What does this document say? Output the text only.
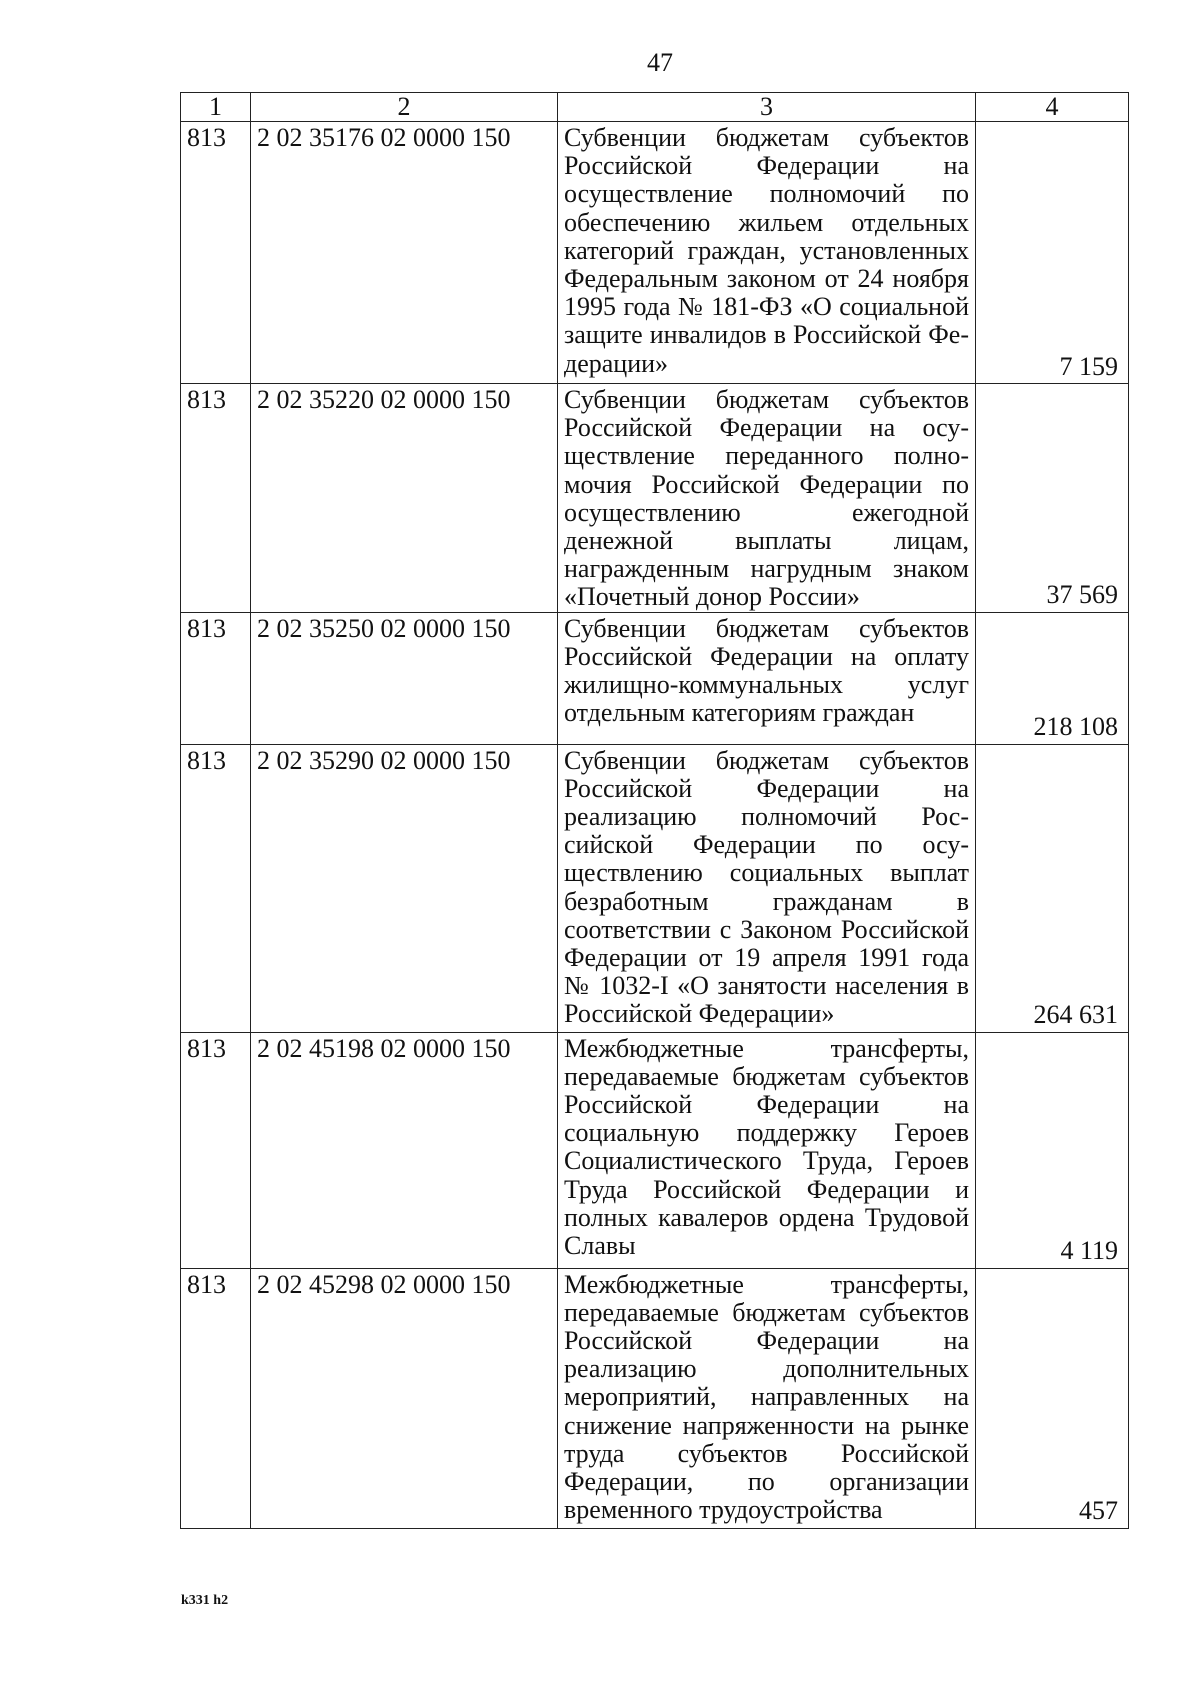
47
1	2	3	4
813	2 02 35176 02 0000 150	Субвенции бюджетам субъектов Российской Федерации на осуществление полномочий по обеспечению жильем отдельных категорий граждан, установленных Федеральным законом от 24 ноября 1995 года № 181-ФЗ «О социальной защите инвалидов в Российской Федерации»	7 159
813	2 02 35220 02 0000 150	Субвенции бюджетам субъектов Российской Федерации на осуществление переданного полномочия Российской Федерации по осуществлению ежегодной денежной выплаты лицам, награжденным нагрудным знаком «Почетный донор России»	37 569
813	2 02 35250 02 0000 150	Субвенции бюджетам субъектов Российской Федерации на оплату жилищно-коммунальных услуг отдельным категориям граждан	218 108
813	2 02 35290 02 0000 150	Субвенции бюджетам субъектов Российской Федерации на реализацию полномочий Российской Федерации по осуществлению социальных выплат безработным гражданам в соответствии с Законом Российской Федерации от 19 апреля 1991 года № 1032-I «О занятости населения в Российской Федерации»	264 631
813	2 02 45198 02 0000 150	Межбюджетные трансферты, передаваемые бюджетам субъектов Российской Федерации на социальную поддержку Героев Социалистического Труда, Героев Труда Российской Федерации и полных кавалеров ордена Трудовой Славы	4 119
813	2 02 45298 02 0000 150	Межбюджетные трансферты, передаваемые бюджетам субъектов Российской Федерации на реализацию дополнительных мероприятий, направленных на снижение напряженности на рынке труда субъектов Российской Федерации, по организации временного трудоустройства	457
k331 h2
